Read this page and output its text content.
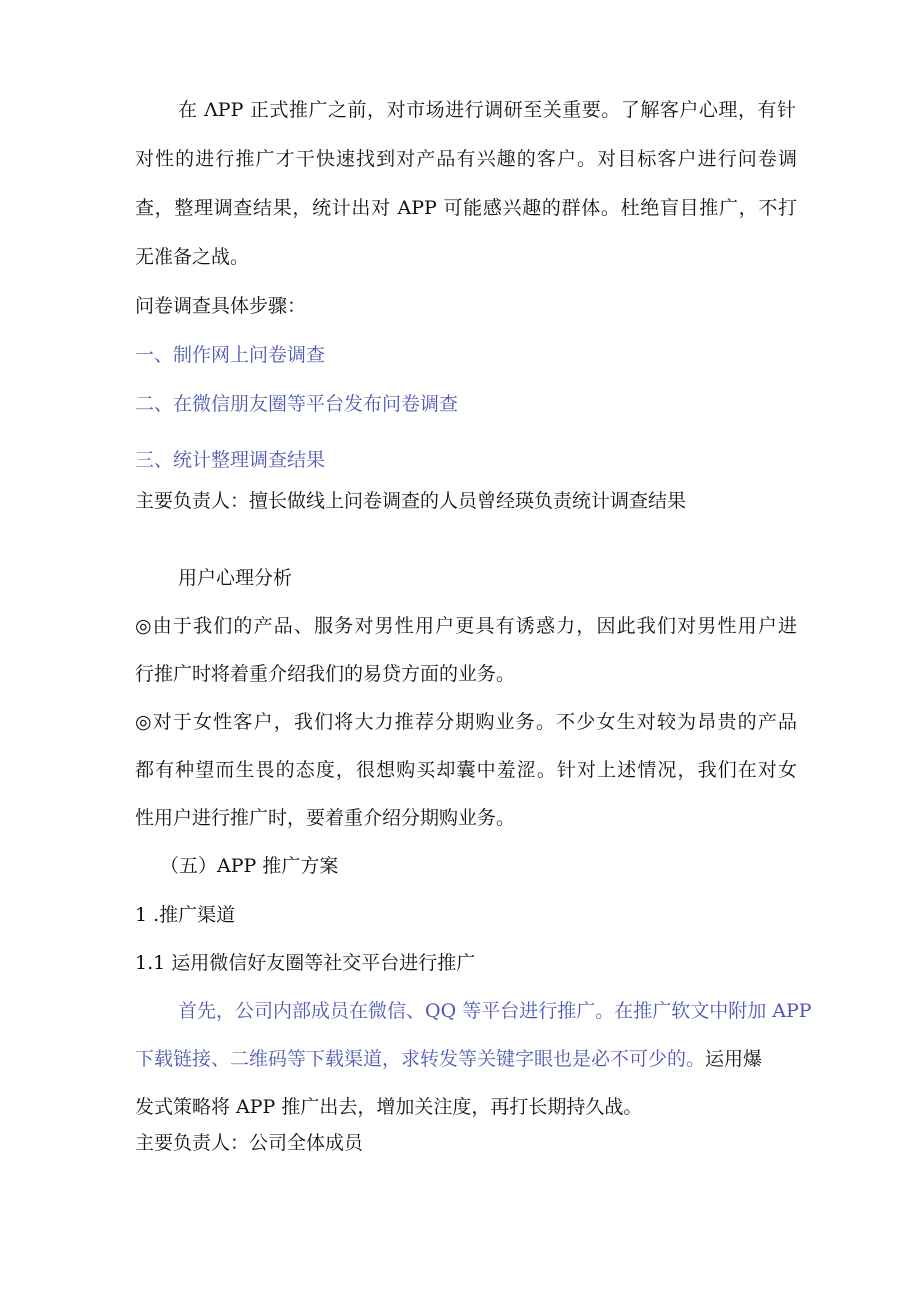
在 ΛPP 正式推广之前，对市场进行调研至关重要。了解客户心理，有针
对性的进行推广才干快速找到对产品有兴趣的客户。对目标客户进行问卷调
查，整理调查结果，统计出对 APP 可能感兴趣的群体。杜绝盲目推广，不打
无准备之战。
问卷调查具体步骤：
一、制作网上问卷调查
二、在微信朋友圈等平台发布问卷调查
三、统计整理调查结果
主要负责人：擅长做线上问卷调查的人员曾经瑛负责统计调查结果
用户心理分析
◎由于我们的产品、服务对男性用户更具有诱惑力，因此我们对男性用户进
行推广时将着重介绍我们的易贷方面的业务。
◎对于女性客户，我们将大力推荐分期购业务。不少女生对较为昂贵的产品
都有种望而生畏的态度，很想购买却囊中羞涩。针对上述情况，我们在对女
性用户进行推广时，要着重介绍分期购业务。
（五）APP 推广方案
1 .推广渠道
1.1 运用微信好友圈等社交平台进行推广
首先，公司内部成员在微信、QQ 等平台进行推广。在推广软文中附加 APP
下载链接、二维码等下载渠道，求转发等关键字眼也是必不可少的。运用爆
发式策略将 APP 推广出去，增加关注度，再打长期持久战。
主要负责人：公司全体成员
